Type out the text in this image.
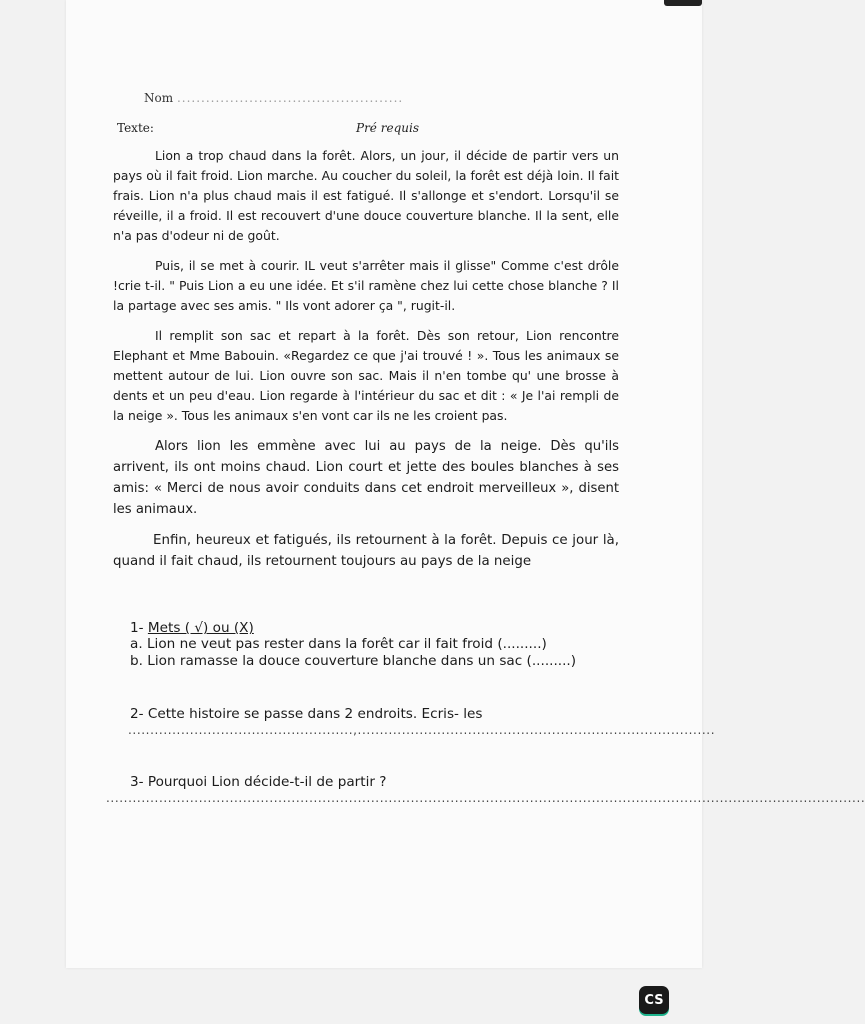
Nom ...............................................
Texte:	Pré requis

Lion a trop chaud dans la forêt. Alors, un jour, il décide de partir vers un pays où il fait froid. Lion marche. Au coucher du soleil, la forêt est déjà loin. Il fait frais. Lion n'a plus chaud mais il est fatigué. Il s'allonge et s'endort. Lorsqu'il se réveille, il a froid. Il est recouvert d'une douce couverture blanche. Il la sent, elle n'a pas d'odeur ni de goût.

Puis, il se met à courir. IL veut s'arrêter mais il glisse" Comme c'est drôle !crie t-il. " Puis Lion a eu une idée. Et s'il ramène chez lui cette chose blanche ? Il la partage avec ses amis. " Ils vont adorer ça ", rugit-il.

Il remplit son sac et repart à la forêt. Dès son retour, Lion rencontre Elephant et Mme Babouin. «Regardez ce que j'ai trouvé ! ». Tous les animaux se mettent autour de lui. Lion ouvre son sac. Mais il n'en tombe qu' une brosse à dents et un peu d'eau. Lion regarde à l'intérieur du sac et dit : « Je l'ai rempli de la neige ». Tous les animaux s'en vont car ils ne les croient pas.

Alors lion les emmène avec lui au pays de la neige. Dès qu'ils arrivent, ils ont moins chaud. Lion court et jette des boules blanches à ses amis: « Merci de nous avoir conduits dans cet endroit merveilleux », disent les animaux.

Enfin, heureux et fatigués, ils retournent à la forêt. Depuis ce jour là, quand il fait chaud, ils retournent toujours au pays de la neige

1- Mets ( √) ou (X)

a. Lion ne veut pas rester dans la forêt car il fait froid (.........)

b. Lion ramasse la douce couverture blanche dans un sac (.........)

2- Cette histoire se passe dans 2 endroits. Ecris- les
...................................................,.................................................................................
3- Pourquoi Lion décide-t-il de partir ?
............................................................................................................................................................................
CS
